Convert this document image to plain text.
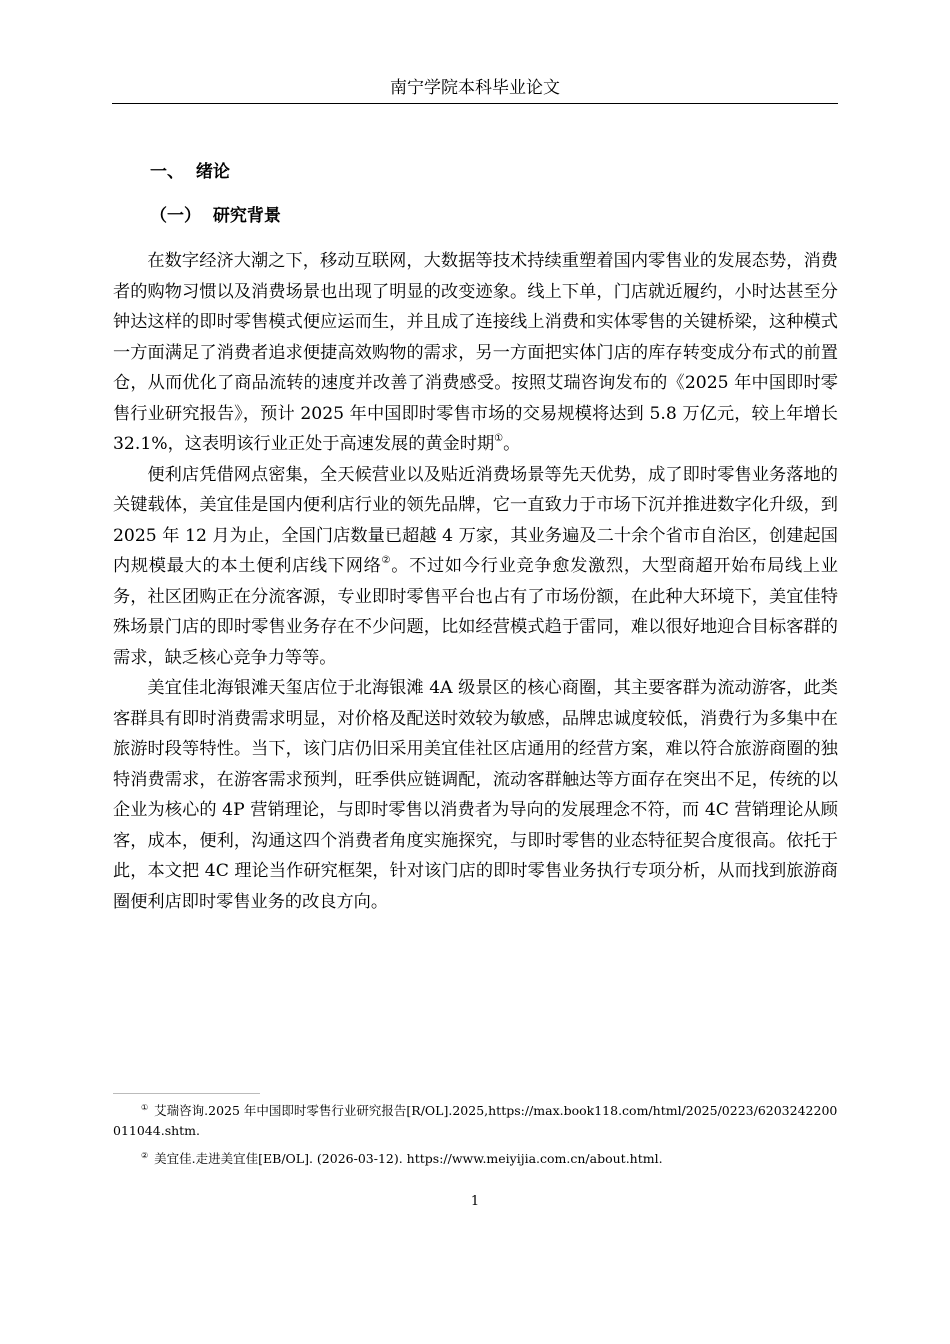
南宁学院本科毕业论文
一、  绪论
（一）  研究背景

在数字经济大潮之下，移动互联网，大数据等技术持续重塑着国内零售业的发展态势，消费者的购物习惯以及消费场景也出现了明显的改变迹象。线上下单，门店就近履约，小时达甚至分钟达这样的即时零售模式便应运而生，并且成了连接线上消费和实体零售的关键桥梁，这种模式一方面满足了消费者追求便捷高效购物的需求，另一方面把实体门店的库存转变成分布式的前置仓，从而优化了商品流转的速度并改善了消费感受。按照艾瑞咨询发布的《2025 年中国即时零售行业研究报告》，预计 2025 年中国即时零售市场的交易规模将达到 5.8 万亿元，较上年增长 32.1%，这表明该行业正处于高速发展的黄金时期①。

便利店凭借网点密集，全天候营业以及贴近消费场景等先天优势，成了即时零售业务落地的关键载体，美宜佳是国内便利店行业的领先品牌，它一直致力于市场下沉并推进数字化升级，到 2025 年 12 月为止，全国门店数量已超越 4 万家，其业务遍及二十余个省市自治区，创建起国内规模最大的本土便利店线下网络②。不过如今行业竞争愈发激烈，大型商超开始布局线上业务，社区团购正在分流客源，专业即时零售平台也占有了市场份额，在此种大环境下，美宜佳特殊场景门店的即时零售业务存在不少问题，比如经营模式趋于雷同，难以很好地迎合目标客群的需求，缺乏核心竞争力等等。

美宜佳北海银滩天玺店位于北海银滩 4A 级景区的核心商圈，其主要客群为流动游客，此类客群具有即时消费需求明显，对价格及配送时效较为敏感，品牌忠诚度较低，消费行为多集中在旅游时段等特性。当下，该门店仍旧采用美宜佳社区店通用的经营方案，难以符合旅游商圈的独特消费需求，在游客需求预判，旺季供应链调配，流动客群触达等方面存在突出不足，传统的以企业为核心的 4P 营销理论，与即时零售以消费者为导向的发展理念不符，而 4C 营销理论从顾客，成本，便利，沟通这四个消费者角度实施探究，与即时零售的业态特征契合度很高。依托于此，本文把 4C 理论当作研究框架，针对该门店的即时零售业务执行专项分析，从而找到旅游商圈便利店即时零售业务的改良方向。

① 艾瑞咨询.2025 年中国即时零售行业研究报告[R/OL].2025,https://max.book118.com/html/2025/0223/6203242200011044.shtm.

② 美宜佳.走进美宜佳[EB/OL]. (2026-03-12). https://www.meiyijia.com.cn/about.html.

1
